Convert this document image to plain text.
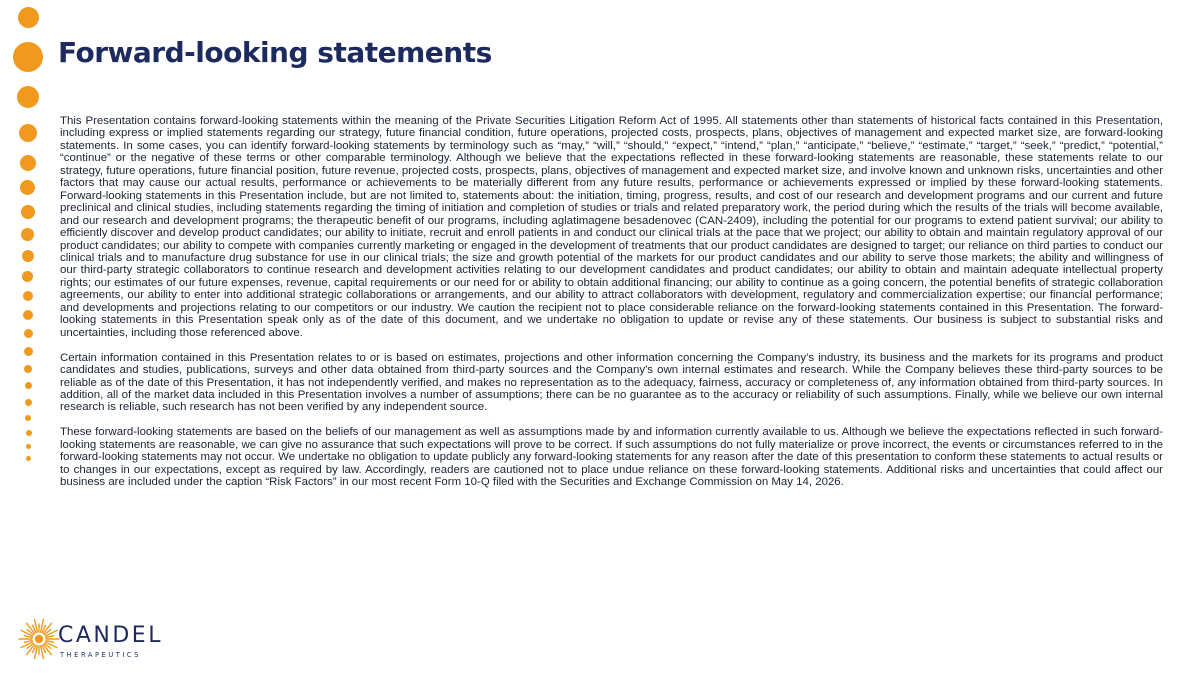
Forward-looking statements

This Presentation contains forward-looking statements within the meaning of the Private Securities Litigation Reform Act of 1995. All statements other than statements of historical facts contained in this Presentation, including express or implied statements regarding our strategy, future financial condition, future operations, projected costs, prospects, plans, objectives of management and expected market size, are forward-looking statements. In some cases, you can identify forward-looking statements by terminology such as “may,” “will,” “should,” “expect,” “intend,” “plan,” “anticipate,” “believe,” “estimate,” “target,” “seek,” “predict,” “potential,” “continue” or the negative of these terms or other comparable terminology. Although we believe that the expectations reflected in these forward-looking statements are reasonable, these statements relate to our strategy, future operations, future financial position, future revenue, projected costs, prospects, plans, objectives of management and expected market size, and involve known and unknown risks, uncertainties and other factors that may cause our actual results, performance or achievements to be materially different from any future results, performance or achievements expressed or implied by these forward-looking statements. Forward-looking statements in this Presentation include, but are not limited to, statements about: the initiation, timing, progress, results, and cost of our research and development programs and our current and future preclinical and clinical studies, including statements regarding the timing of initiation and completion of studies or trials and related preparatory work, the period during which the results of the trials will become available, and our research and development programs; the therapeutic benefit of our programs, including aglatimagene besadenovec (CAN-2409), including the potential for our programs to extend patient survival; our ability to efficiently discover and develop product candidates; our ability to initiate, recruit and enroll patients in and conduct our clinical trials at the pace that we project; our ability to obtain and maintain regulatory approval of our product candidates; our ability to compete with companies currently marketing or engaged in the development of treatments that our product candidates are designed to target; our reliance on third parties to conduct our clinical trials and to manufacture drug substance for use in our clinical trials; the size and growth potential of the markets for our product candidates and our ability to serve those markets; the ability and willingness of our third-party strategic collaborators to continue research and development activities relating to our development candidates and product candidates; our ability to obtain and maintain adequate intellectual property rights; our estimates of our future expenses, revenue, capital requirements or our need for or ability to obtain additional financing; our ability to continue as a going concern, the potential benefits of strategic collaboration agreements, our ability to enter into additional strategic collaborations or arrangements, and our ability to attract collaborators with development, regulatory and commercialization expertise; our financial performance; and developments and projections relating to our competitors or our industry. We caution the recipient not to place considerable reliance on the forward-looking statements contained in this Presentation. The forward-looking statements in this Presentation speak only as of the date of this document, and we undertake no obligation to update or revise any of these statements. Our business is subject to substantial risks and uncertainties, including those referenced above.

Certain information contained in this Presentation relates to or is based on estimates, projections and other information concerning the Company’s industry, its business and the markets for its programs and product candidates and studies, publications, surveys and other data obtained from third-party sources and the Company's own internal estimates and research. While the Company believes these third-party sources to be reliable as of the date of this Presentation, it has not independently verified, and makes no representation as to the adequacy, fairness, accuracy or completeness of, any information obtained from third-party sources. In addition, all of the market data included in this Presentation involves a number of assumptions; there can be no guarantee as to the accuracy or reliability of such assumptions. Finally, while we believe our own internal research is reliable, such research has not been verified by any independent source.

These forward-looking statements are based on the beliefs of our management as well as assumptions made by and information currently available to us. Although we believe the expectations reflected in such forward-looking statements are reasonable, we can give no assurance that such expectations will prove to be correct. If such assumptions do not fully materialize or prove incorrect, the events or circumstances referred to in the forward-looking statements may not occur. We undertake no obligation to update publicly any forward-looking statements for any reason after the date of this presentation to conform these statements to actual results or to changes in our expectations, except as required by law. Accordingly, readers are cautioned not to place undue reliance on these forward-looking statements. Additional risks and uncertainties that could affect our business are included under the caption “Risk Factors” in our most recent Form 10-Q filed with the Securities and Exchange Commission on May 14, 2026.

CANDEL
THERAPEUTICS
